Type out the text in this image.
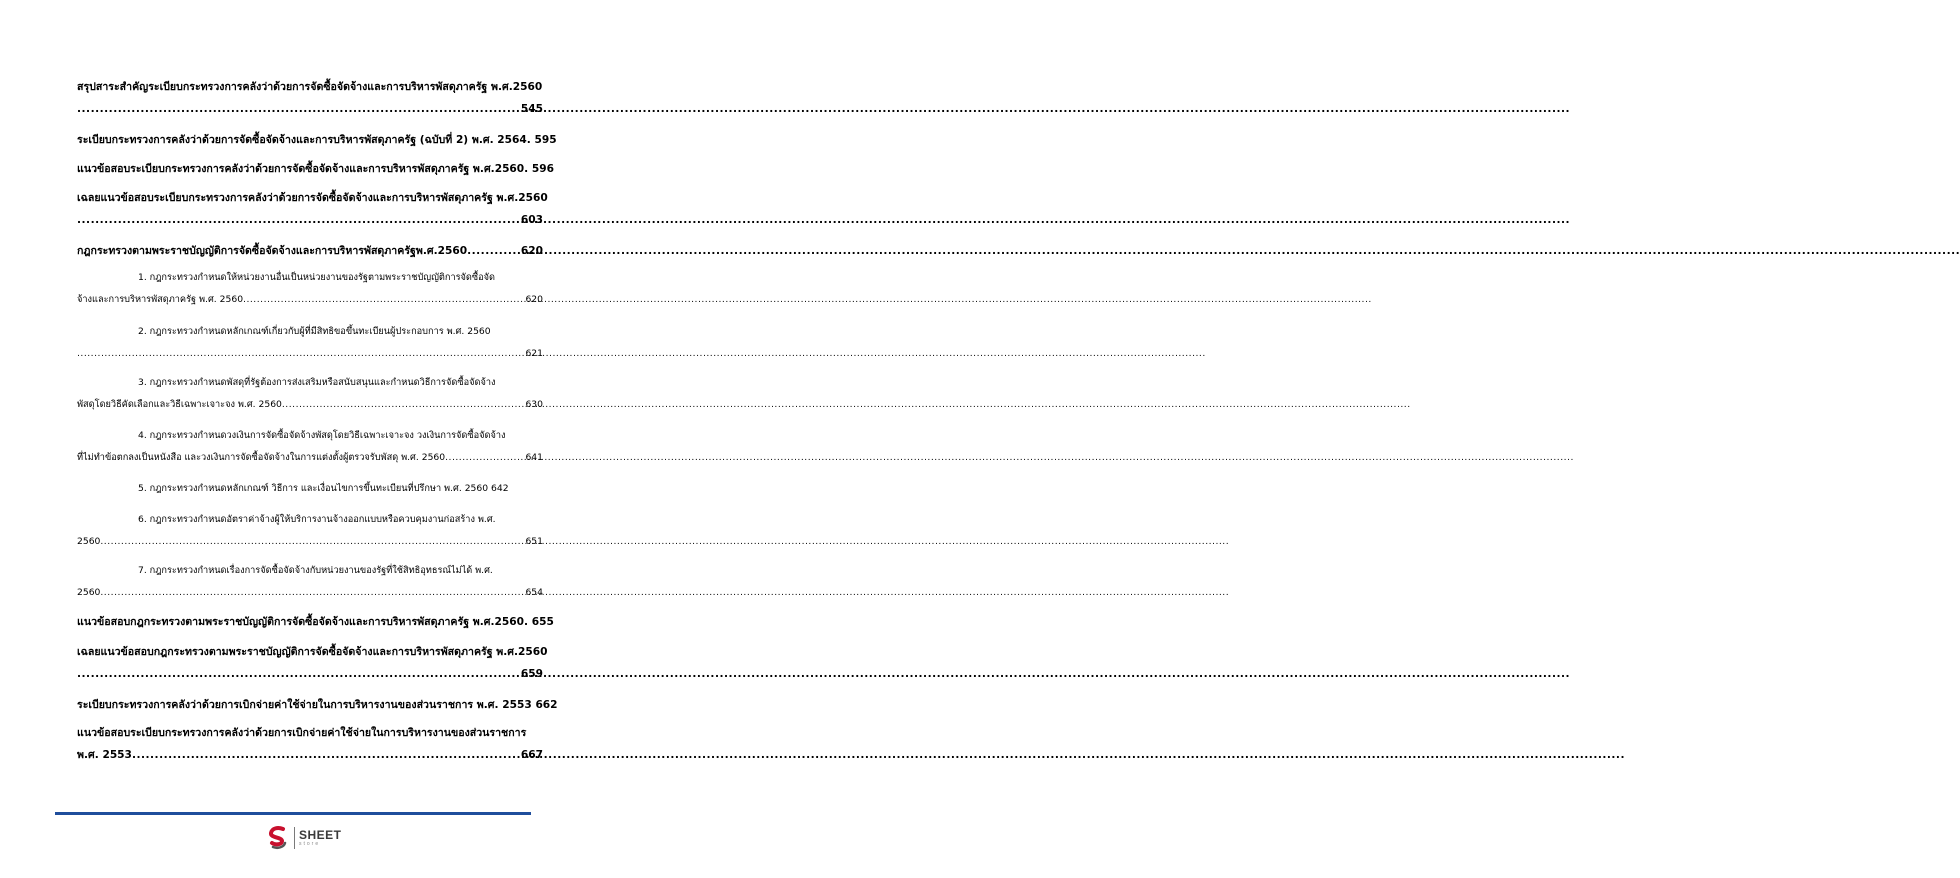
สรุปสาระสำคัญระเบียบกระทรวงการคลังว่าด้วยการจัดซื้อจัดจ้างและการบริหารพัสดุภาครัฐ พ.ศ.2560
.....
545
ระเบียบกระทรวงการคลังว่าด้วยการจัดซื้อจัดจ้างและการบริหารพัสดุภาครัฐ (ฉบับที่ 2) พ.ศ. 2564. 595
แนวข้อสอบระเบียบกระทรวงการคลังว่าด้วยการจัดซื้อจัดจ้างและการบริหารพัสดุภาครัฐ พ.ศ.2560. 596
เฉลยแนวข้อสอบระเบียบกระทรวงการคลังว่าด้วยการจัดซื้อจัดจ้างและการบริหารพัสดุภาครัฐ พ.ศ.2560
.....
603
กฎกระทรวงตามพระราชบัญญัติการจัดซื้อจัดจ้างและการบริหารพัสดุภาครัฐพ.ศ.2560 .....	620
1. กฎกระทรวงกำหนดให้หน่วยงานอื่นเป็นหน่วยงานของรัฐตามพระราชบัญญัติการจัดซื้อจัด
จ้างและการบริหารพัสดุภาครัฐ พ.ศ. 2560 .....	620
2. กฎกระทรวงกำหนดหลักเกณฑ์เกี่ยวกับผู้ที่มีสิทธิขอขึ้นทะเบียนผู้ประกอบการ พ.ศ. 2560
.....
621
3. กฎกระทรวงกำหนดพัสดุที่รัฐต้องการส่งเสริมหรือสนับสนุนและกำหนดวิธีการจัดซื้อจัดจ้าง
พัสดุโดยวิธีคัดเลือกและวิธีเฉพาะเจาะจง พ.ศ. 2560 .....	630
4. กฎกระทรวงกำหนดวงเงินการจัดซื้อจัดจ้างพัสดุโดยวิธีเฉพาะเจาะจง วงเงินการจัดซื้อจัดจ้าง
ที่ไม่ทำข้อตกลงเป็นหนังสือ และวงเงินการจัดซื้อจัดจ้างในการแต่งตั้งผู้ตรวจรับพัสดุ พ.ศ. 2560 .....	641
5. กฎกระทรวงกำหนดหลักเกณฑ์ วิธีการ และเงื่อนไขการขึ้นทะเบียนที่ปรึกษา พ.ศ. 2560 642
6. กฎกระทรวงกำหนดอัตราค่าจ้างผู้ให้บริการงานจ้างออกแบบหรือควบคุมงานก่อสร้าง พ.ศ.
2560 .....	651
7. กฎกระทรวงกำหนดเรื่องการจัดซื้อจัดจ้างกับหน่วยงานของรัฐที่ใช้สิทธิอุทธรณ์ไม่ได้ พ.ศ.
2560 .....	654
แนวข้อสอบกฎกระทรวงตามพระราชบัญญัติการจัดซื้อจัดจ้างและการบริหารพัสดุภาครัฐ พ.ศ.2560. 655
เฉลยแนวข้อสอบกฎกระทรวงตามพระราชบัญญัติการจัดซื้อจัดจ้างและการบริหารพัสดุภาครัฐ พ.ศ.2560
.....
659
ระเบียบกระทรวงการคลังว่าด้วยการเบิกจ่ายค่าใช้จ่ายในการบริหารงานของส่วนราชการ พ.ศ. 2553 662
แนวข้อสอบระเบียบกระทรวงการคลังว่าด้วยการเบิกจ่ายค่าใช้จ่ายในการบริหารงานของส่วนราชการ
พ.ศ. 2553 .....	667
SHEET
store
